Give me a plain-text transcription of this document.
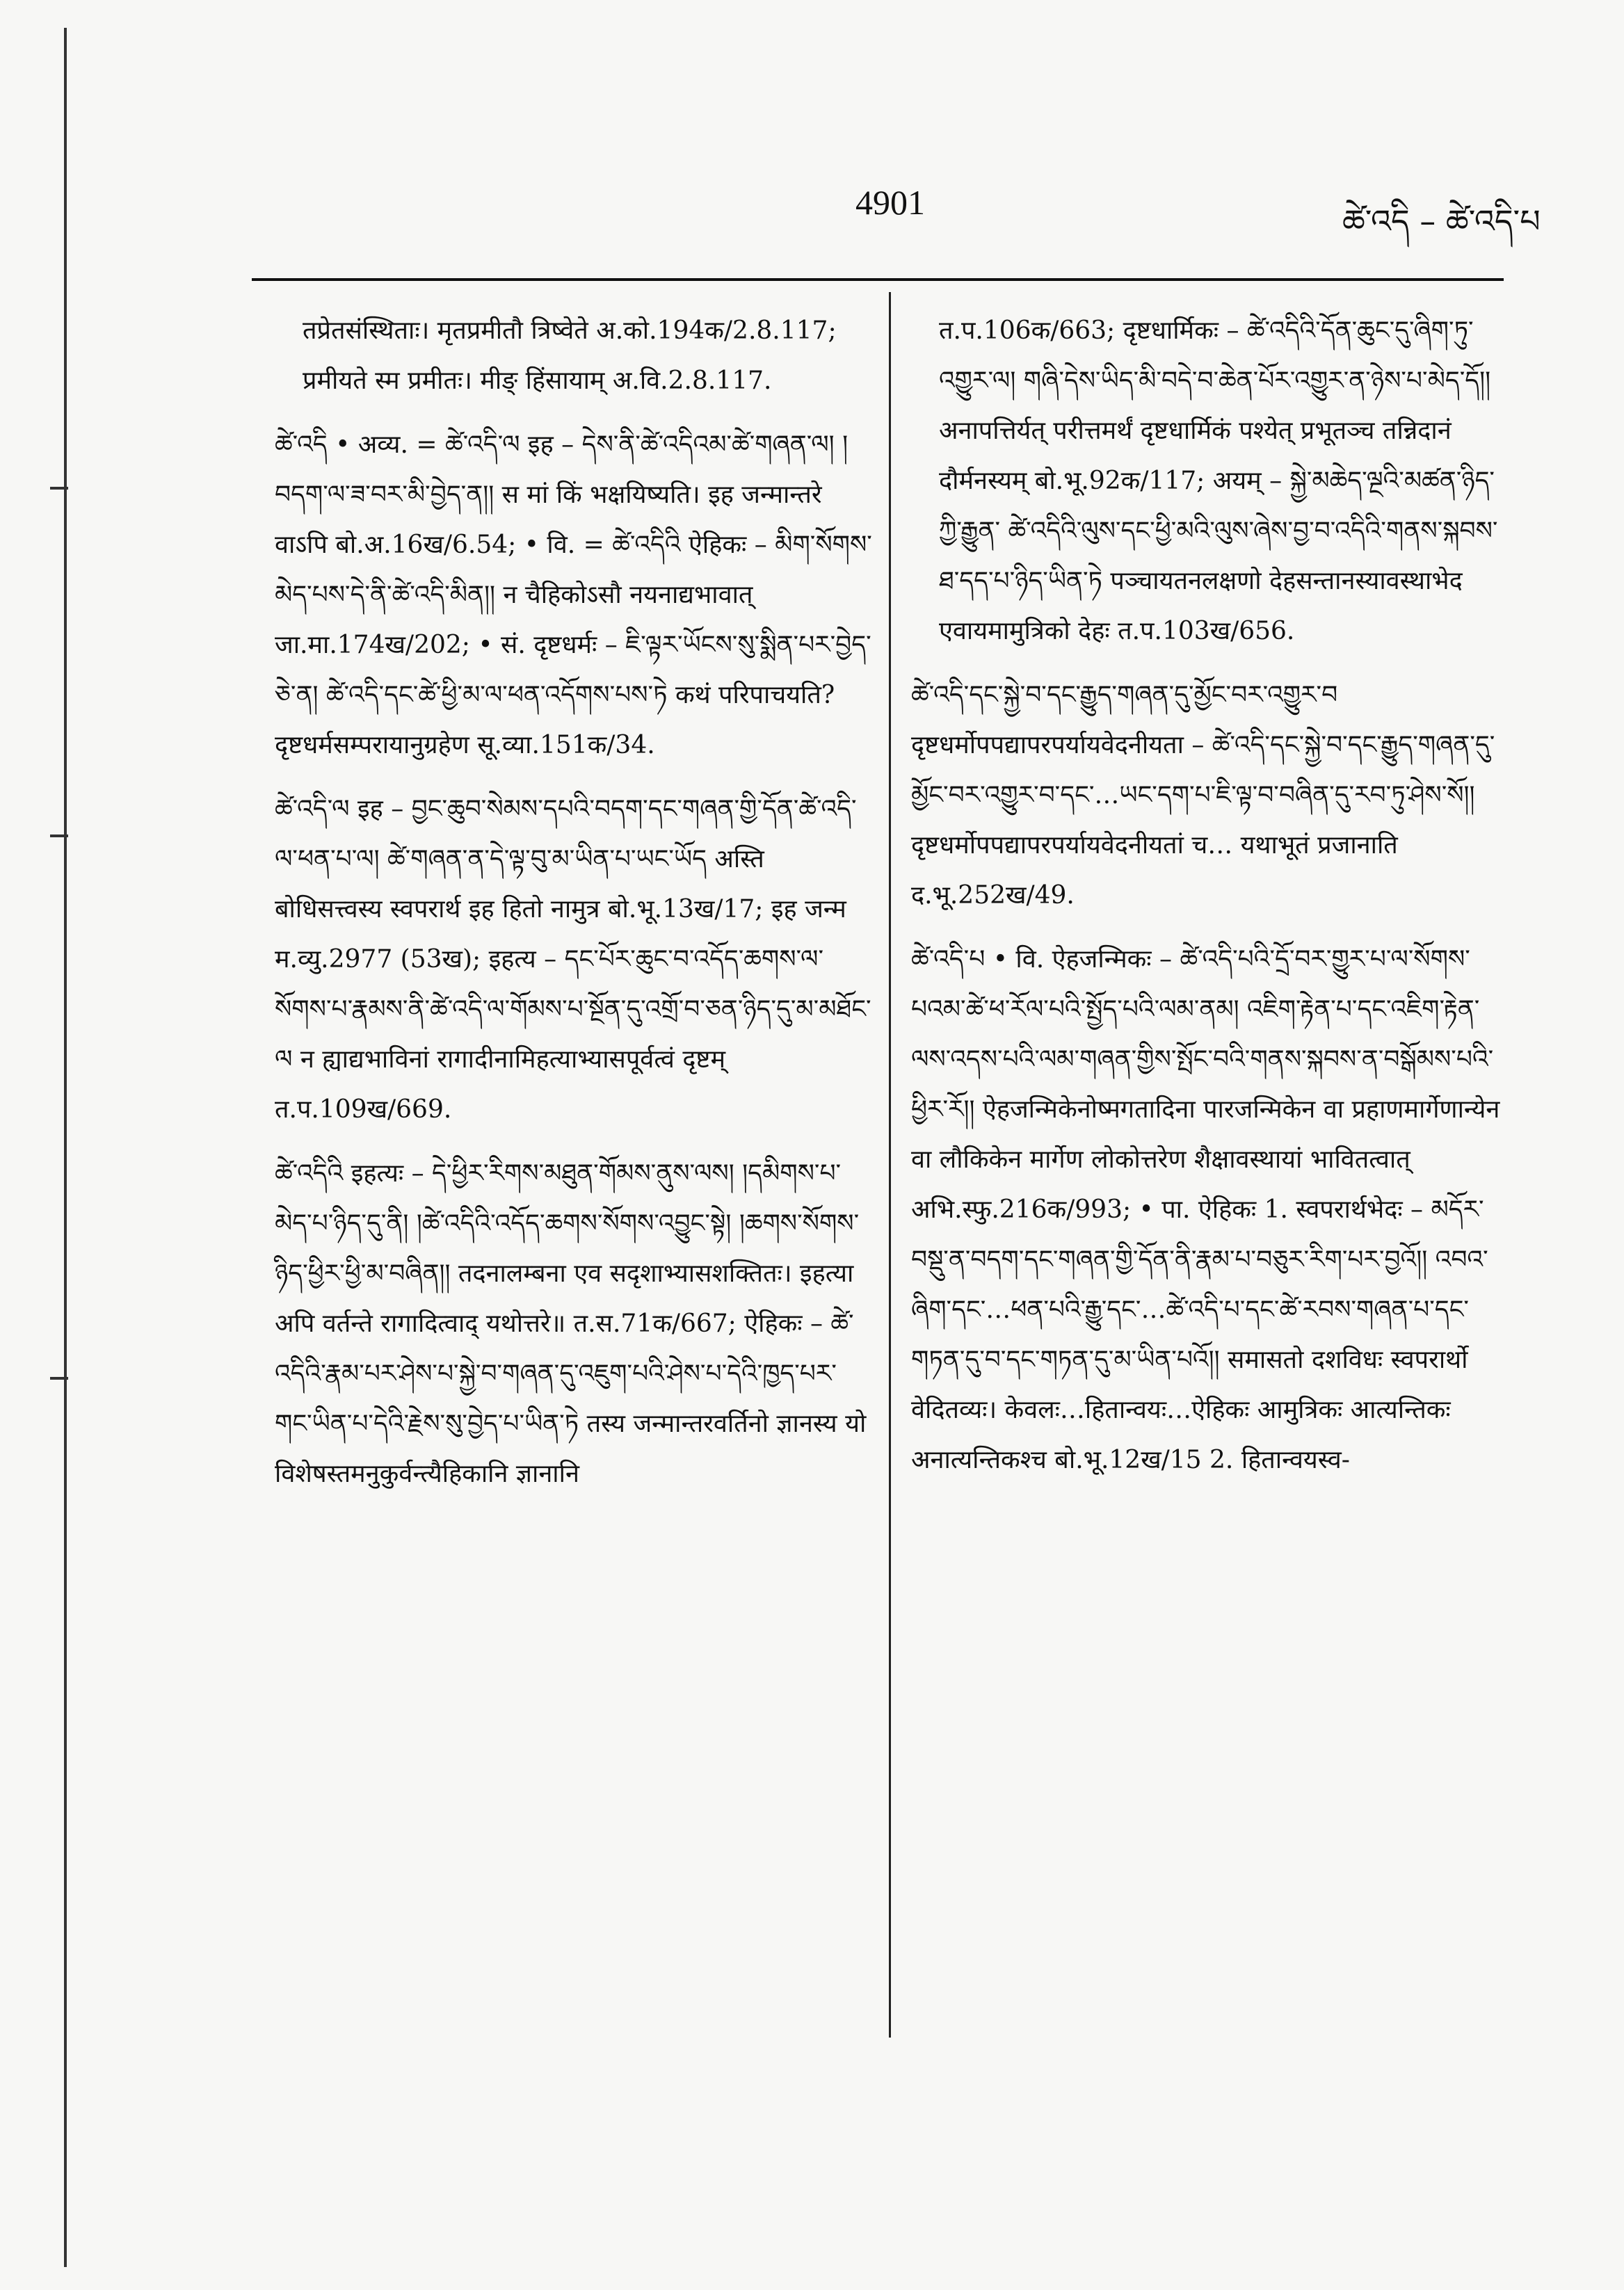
4901	ཚེ་འདི – ཚེ་འདི་པ

तप्रेतसंस्थिताः। मृतप्रमीतौ त्रिष्वेते अ.को.194क/2.8.117; प्रमीयते स्म प्रमीतः। मीङ् हिंसायाम् अ.वि.2.8.117.

ཚེ་འདི • अव्य. = ཚེ་འདི་ལ इह – དེས་ནི་ཚེ་འདིའམ་ཚེ་གཞན་ལ། །བདག་ལ་ཟ་བར་མི་བྱེད་ན།། स मां किं भक्षयिष्यति। इह जन्मान्तरे वाऽपि बो.अ.16ख/6.54; • वि. = ཚེ་འདིའི ऐहिकः – མིག་སོགས་མེད་པས་དེ་ནི་ཚེ་འདི་མིན།། न चैहिकोऽसौ नयनाद्यभावात् जा.मा.174ख/202; • सं. दृष्टधर्मः – ཇི་ལྟར་ཡོངས་སུ་སྨིན་པར་བྱེད་ཅེ་ན། ཚེ་འདི་དང་ཚེ་ཕྱི་མ་ལ་ཕན་འདོགས་པས་ཏེ कथं परिपाचयति? दृष्टधर्मसम्परायानुग्रहेण सू.व्या.151क/34.

ཚེ་འདི་ལ इह – བྱང་ཆུབ་སེམས་དཔའི་བདག་དང་གཞན་གྱི་དོན་ཚེ་འདི་ལ་ཕན་པ་ལ། ཚེ་གཞན་ན་དེ་ལྟ་བུ་མ་ཡིན་པ་ཡང་ཡོད अस्ति बोधिसत्त्वस्य स्वपरार्थ इह हितो नामुत्र बो.भू.13ख/17; इह जन्म म.व्यु.2977 (53ख); इहत्य – དང་པོར་ཆུང་བ་འདོད་ཆགས་ལ་སོགས་པ་རྣམས་ནི་ཚེ་འདི་ལ་གོམས་པ་སྔོན་དུ་འགྲོ་བ་ཅན་ཉིད་དུ་མ་མཐོང་ལ न ह्याद्यभाविनां रागादीनामिहत्याभ्यासपूर्वत्वं दृष्टम् त.प.109ख/669.

ཚེ་འདིའི इहत्यः – དེ་ཕྱིར་རིགས་མཐུན་གོམས་ནུས་ལས། །དམིགས་པ་མེད་པ་ཉིད་དུ་ནི། །ཚེ་འདིའི་འདོད་ཆགས་སོགས་འབྱུང་སྟེ། །ཆགས་སོགས་ཉིད་ཕྱིར་ཕྱི་མ་བཞིན།། तदनालम्बना एव सदृशाभ्यासशक्तितः। इहत्या अपि वर्तन्ते रागादित्वाद् यथोत्तरे॥ त.स.71क/667; ऐहिकः – ཚེ་འདིའི་རྣམ་པར་ཤེས་པ་སྐྱེ་བ་གཞན་དུ་འཇུག་པའི་ཤེས་པ་དེའི་ཁྱད་པར་གང་ཡིན་པ་དེའི་རྗེས་སུ་བྱེད་པ་ཡིན་ཏེ तस्य जन्मान्तरवर्तिनो ज्ञानस्य यो विशेषस्तमनुकुर्वन्त्यैहिकानि ज्ञानानि

त.प.106क/663; दृष्टधार्मिकः – ཚེ་འདིའི་དོན་ཆུང་དུ་ཞིག་ཏུ་འགྱུར་ལ། གཞི་དེས་ཡིད་མི་བདེ་བ་ཆེན་པོར་འགྱུར་ན་ཉེས་པ་མེད་དོ།། अनापत्तिर्यत् परीत्तमर्थं दृष्टधार्मिकं पश्येत् प्रभूतञ्च तन्निदानं दौर्मनस्यम् बो.भू.92क/117; अयम् – སྐྱེ་མཆེད་ལྔའི་མཚན་ཉིད་ཀྱི་རྒྱུན་ ཚེ་འདིའི་ལུས་དང་ཕྱི་མའི་ལུས་ཞེས་བྱ་བ་འདིའི་གནས་སྐབས་ཐ་དད་པ་ཉིད་ཡིན་ཏེ पञ्चायतनलक्षणो देहसन्तानस्यावस्थाभेद एवायमामुत्रिको देहः त.प.103ख/656.

ཚེ་འདི་དང་སྐྱེ་བ་དང་རྒྱུད་གཞན་དུ་མྱོང་བར་འགྱུར་བ दृष्टधर्मोपपद्यापरपर्यायवेदनीयता – ཚེ་འདི་དང་སྐྱེ་བ་དང་རྒྱུད་གཞན་དུ་མྱོང་བར་འགྱུར་བ་དང་…ཡང་དག་པ་ཇི་ལྟ་བ་བཞིན་དུ་རབ་ཏུ་ཤེས་སོ།། दृष्टधर्मोपपद्यापरपर्यायवेदनीयतां च… यथाभूतं प्रजानाति द.भू.252ख/49.

ཚེ་འདི་པ • वि. ऐहजन्मिकः – ཚེ་འདི་པའི་དྲོ་བར་གྱུར་པ་ལ་སོགས་པའམ་ཚེ་ཕ་རོལ་པའི་སྤྱོད་པའི་ལམ་ནམ། འཇིག་རྟེན་པ་དང་འཇིག་རྟེན་ལས་འདས་པའི་ལམ་གཞན་གྱིས་སྤོང་བའི་གནས་སྐབས་ན་བསྒོམས་པའི་ཕྱིར་རོ།། ऐहजन्मिकेनोष्मगतादिना पारजन्मिकेन वा प्रहाणमार्गेणान्येन वा लौकिकेन मार्गेण लोकोत्तरेण शैक्षावस्थायां भावितत्वात् अभि.स्फु.216क/993; • पा. ऐहिकः 1. स्वपरार्थभेदः – མདོར་བསྡུ་ན་བདག་དང་གཞན་གྱི་དོན་ནི་རྣམ་པ་བཅུར་རིག་པར་བྱའོ།། འབའ་ཞིག་དང་…ཕན་པའི་རྒྱུ་དང་…ཚེ་འདི་པ་དང་ཚེ་རབས་གཞན་པ་དང་གཏན་དུ་བ་དང་གཏན་དུ་མ་ཡིན་པའོ།། समासतो दशविधः स्वपरार्थो वेदितव्यः। केवलः…हितान्वयः…ऐहिकः आमुत्रिकः आत्यन्तिकः अनात्यन्तिकश्च बो.भू.12ख/15 2. हितान्वयस्व-
